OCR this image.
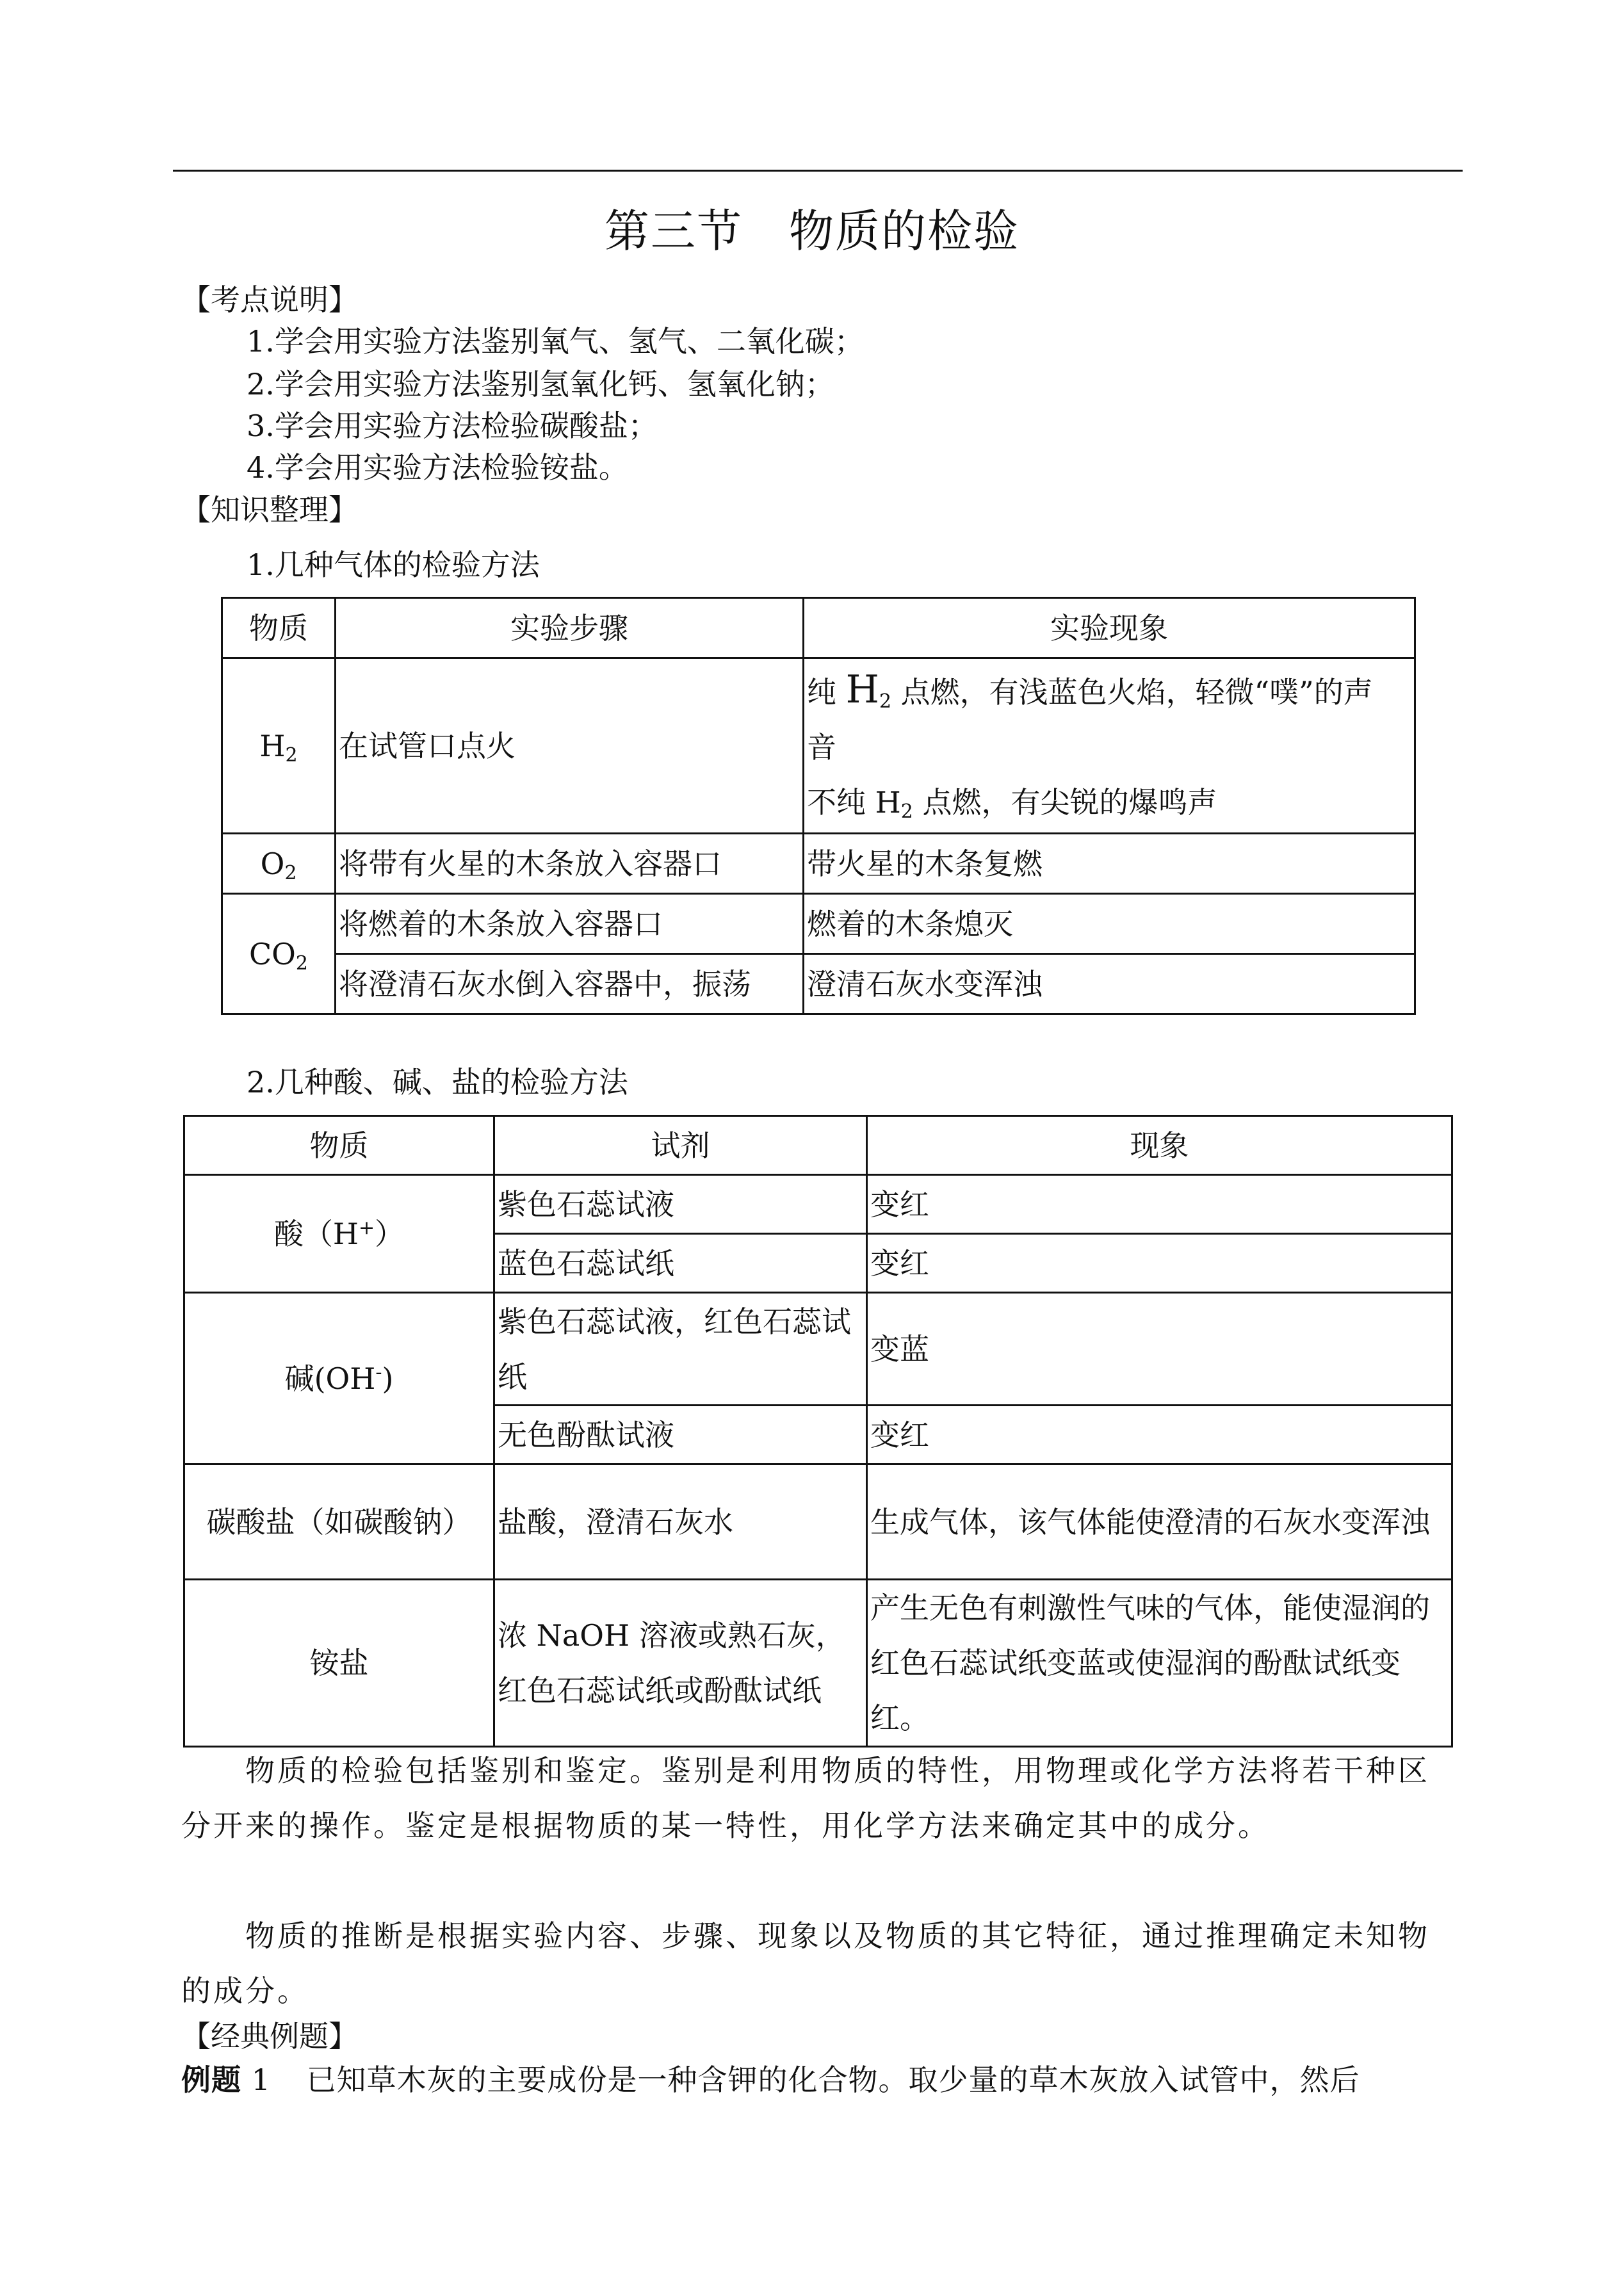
第三节　物质的检验
【考点说明】
1.学会用实验方法鉴别氧气、氢气、二氧化碳；
2.学会用实验方法鉴别氢氧化钙、氢氧化钠；
3.学会用实验方法检验碳酸盐；
4.学会用实验方法检验铵盐。
【知识整理】
1.几种气体的检验方法
物质	实验步骤	实验现象
$H_2$	在试管口点火	纯 $H_2$ 点燃，有浅蓝色火焰，轻微“噗”的声
音
不纯 $H_2$ 点燃，有尖锐的爆鸣声

$O_2$	将带有火星的木条放入容器口	带火星的木条复燃
$CO_2$	将燃着的木条放入容器口	燃着的木条熄灭
	将澄清石灰水倒入容器中，振荡	澄清石灰水变浑浊
2.几种酸、碱、盐的检验方法
物质	试剂	现象
酸（H+）	紫色石蕊试液	变红
	蓝色石蕊试纸	变红
碱(OH-)	紫色石蕊试液，红色石蕊试纸	变蓝
	无色酚酞试液	变红
碳酸盐（如碳酸钠）	盐酸，澄清石灰水	生成气体，该气体能使澄清的石灰水变浑浊
铵盐	浓 NaOH 溶液或熟石灰，红色石蕊试纸或酚酞试纸	产生无色有刺激性气味的气体，能使湿润的红色石蕊试纸变蓝或使湿润的酚酞试纸变红。
物质的检验包括鉴别和鉴定。鉴别是利用物质的特性，用物理或化学方法将若干种区分开来的操作。鉴定是根据物质的某一特性，用化学方法来确定其中的成分。
物质的推断是根据实验内容、步骤、现象以及物质的其它特征，通过推理确定未知物的成分。
【经典例题】
例题 1 已知草木灰的主要成份是一种含钾的化合物。取少量的草木灰放入试管中，然后
